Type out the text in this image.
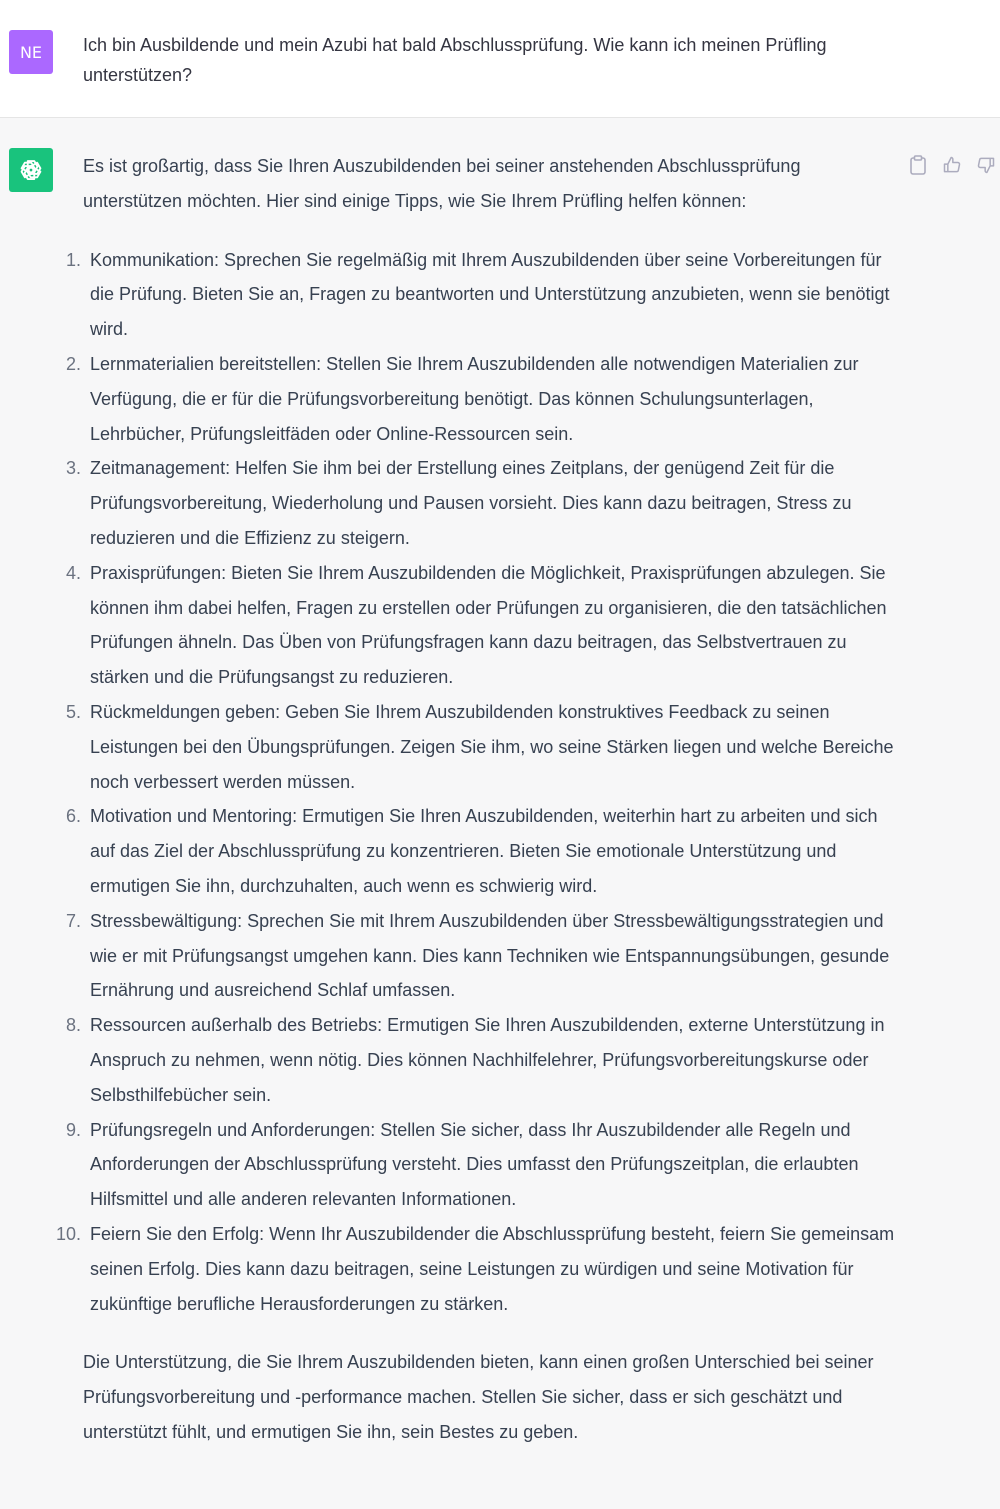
NE Ich bin Ausbildende und mein Azubi hat bald Abschlussprüfung. Wie kann ich meinen Prüfling unterstützen?

Es ist großartig, dass Sie Ihren Auszubildenden bei seiner anstehenden Abschlussprüfung unterstützen möchten. Hier sind einige Tipps, wie Sie Ihrem Prüfling helfen können:

1. Kommunikation: Sprechen Sie regelmäßig mit Ihrem Auszubildenden über seine Vorbereitungen für die Prüfung. Bieten Sie an, Fragen zu beantworten und Unterstützung anzubieten, wenn sie benötigt wird.
2. Lernmaterialien bereitstellen: Stellen Sie Ihrem Auszubildenden alle notwendigen Materialien zur Verfügung, die er für die Prüfungsvorbereitung benötigt. Das können Schulungsunterlagen, Lehrbücher, Prüfungsleitfäden oder Online-Ressourcen sein.
3. Zeitmanagement: Helfen Sie ihm bei der Erstellung eines Zeitplans, der genügend Zeit für die Prüfungsvorbereitung, Wiederholung und Pausen vorsieht. Dies kann dazu beitragen, Stress zu reduzieren und die Effizienz zu steigern.
4. Praxisprüfungen: Bieten Sie Ihrem Auszubildenden die Möglichkeit, Praxisprüfungen abzulegen. Sie können ihm dabei helfen, Fragen zu erstellen oder Prüfungen zu organisieren, die den tatsächlichen Prüfungen ähneln. Das Üben von Prüfungsfragen kann dazu beitragen, das Selbstvertrauen zu stärken und die Prüfungsangst zu reduzieren.
5. Rückmeldungen geben: Geben Sie Ihrem Auszubildenden konstruktives Feedback zu seinen Leistungen bei den Übungsprüfungen. Zeigen Sie ihm, wo seine Stärken liegen und welche Bereiche noch verbessert werden müssen.
6. Motivation und Mentoring: Ermutigen Sie Ihren Auszubildenden, weiterhin hart zu arbeiten und sich auf das Ziel der Abschlussprüfung zu konzentrieren. Bieten Sie emotionale Unterstützung und ermutigen Sie ihn, durchzuhalten, auch wenn es schwierig wird.
7. Stressbewältigung: Sprechen Sie mit Ihrem Auszubildenden über Stressbewältigungsstrategien und wie er mit Prüfungsangst umgehen kann. Dies kann Techniken wie Entspannungsübungen, gesunde Ernährung und ausreichend Schlaf umfassen.
8. Ressourcen außerhalb des Betriebs: Ermutigen Sie Ihren Auszubildenden, externe Unterstützung in Anspruch zu nehmen, wenn nötig. Dies können Nachhilfelehrer, Prüfungsvorbereitungskurse oder Selbsthilfebücher sein.
9. Prüfungsregeln und Anforderungen: Stellen Sie sicher, dass Ihr Auszubildender alle Regeln und Anforderungen der Abschlussprüfung versteht. Dies umfasst den Prüfungszeitplan, die erlaubten Hilfsmittel und alle anderen relevanten Informationen.
10. Feiern Sie den Erfolg: Wenn Ihr Auszubildender die Abschlussprüfung besteht, feiern Sie gemeinsam seinen Erfolg. Dies kann dazu beitragen, seine Leistungen zu würdigen und seine Motivation für zukünftige berufliche Herausforderungen zu stärken.

Die Unterstützung, die Sie Ihrem Auszubildenden bieten, kann einen großen Unterschied bei seiner Prüfungsvorbereitung und -performance machen. Stellen Sie sicher, dass er sich geschätzt und unterstützt fühlt, und ermutigen Sie ihn, sein Bestes zu geben.
